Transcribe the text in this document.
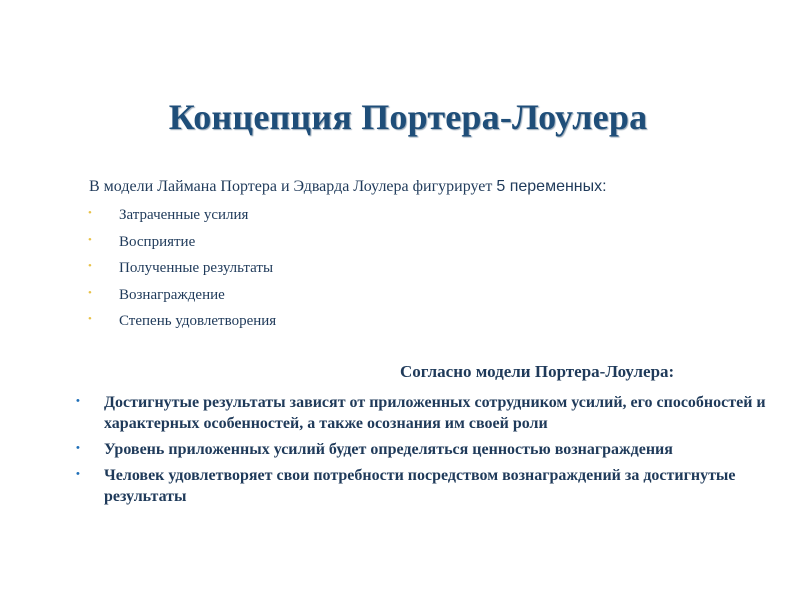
Концепция Портера-Лоулера

В модели Лаймана Портера и Эдварда Лоулера фигурирует 5 переменных:

• Затраченные усилия
• Восприятие
• Полученные результаты
• Вознаграждение
• Степень удовлетворения

Согласно модели Портера-Лоулера:

• Достигнутые результаты зависят от приложенных сотрудником усилий, его способностей и характерных особенностей, а также осознания им своей роли
• Уровень приложенных усилий будет определяться ценностью вознаграждения
• Человек удовлетворяет свои потребности посредством вознаграждений за достигнутые результаты
